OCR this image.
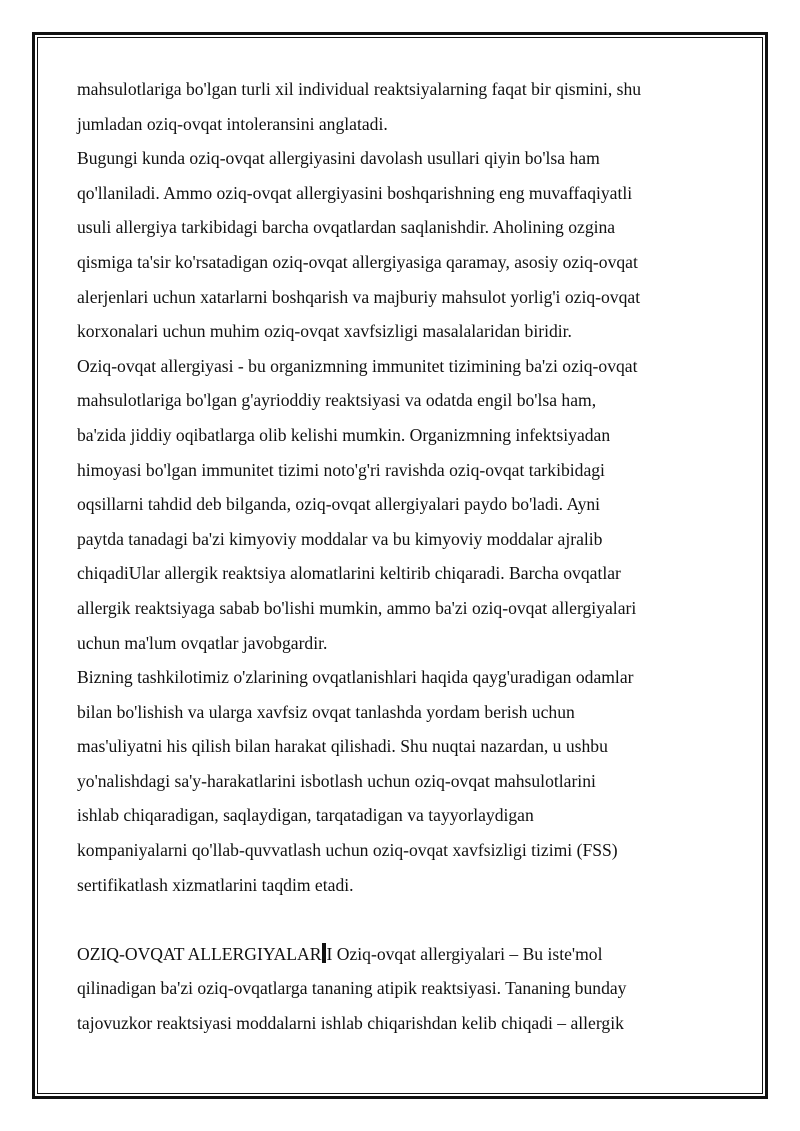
mahsulotlariga bo'lgan turli xil individual reaktsiyalarning faqat bir qismini, shu
jumladan oziq-ovqat intoleransini anglatadi.
Bugungi kunda oziq-ovqat allergiyasini davolash usullari qiyin bo'lsa ham
qo'llaniladi. Ammo oziq-ovqat allergiyasini boshqarishning eng muvaffaqiyatli
usuli allergiya tarkibidagi barcha ovqatlardan saqlanishdir. Aholining ozgina
qismiga ta'sir ko'rsatadigan oziq-ovqat allergiyasiga qaramay, asosiy oziq-ovqat
alerjenlari uchun xatarlarni boshqarish va majburiy mahsulot yorlig'i oziq-ovqat
korxonalari uchun muhim oziq-ovqat xavfsizligi masalalaridan biridir.
Oziq-ovqat allergiyasi - bu organizmning immunitet tizimining ba'zi oziq-ovqat
mahsulotlariga bo'lgan g'ayrioddiy reaktsiyasi va odatda engil bo'lsa ham,
ba'zida jiddiy oqibatlarga olib kelishi mumkin. Organizmning infektsiyadan
himoyasi bo'lgan immunitet tizimi noto'g'ri ravishda oziq-ovqat tarkibidagi
oqsillarni tahdid deb bilganda, oziq-ovqat allergiyalari paydo bo'ladi. Ayni
paytda tanadagi ba'zi kimyoviy moddalar va bu kimyoviy moddalar ajralib
chiqadiUlar allergik reaktsiya alomatlarini keltirib chiqaradi. Barcha ovqatlar
allergik reaktsiyaga sabab bo'lishi mumkin, ammo ba'zi oziq-ovqat allergiyalari
uchun ma'lum ovqatlar javobgardir.
Bizning tashkilotimiz o'zlarining ovqatlanishlari haqida qayg'uradigan odamlar
bilan bo'lishish va ularga xavfsiz ovqat tanlashda yordam berish uchun
mas'uliyatni his qilish bilan harakat qilishadi. Shu nuqtai nazardan, u ushbu
yo'nalishdagi sa'y-harakatlarini isbotlash uchun oziq-ovqat mahsulotlarini
ishlab chiqaradigan, saqlaydigan, tarqatadigan va tayyorlaydigan
kompaniyalarni qo'llab-quvvatlash uchun oziq-ovqat xavfsizligi tizimi (FSS)
sertifikatlash xizmatlarini taqdim etadi.
OZIQ-OVQAT ALLERGIYALAR I Oziq-ovqat allergiyalari – Bu iste'mol
qilinadigan ba'zi oziq-ovqatlarga tananing atipik reaktsiyasi. Tananing bunday
tajovuzkor reaktsiyasi moddalarni ishlab chiqarishdan kelib chiqadi – allergik
